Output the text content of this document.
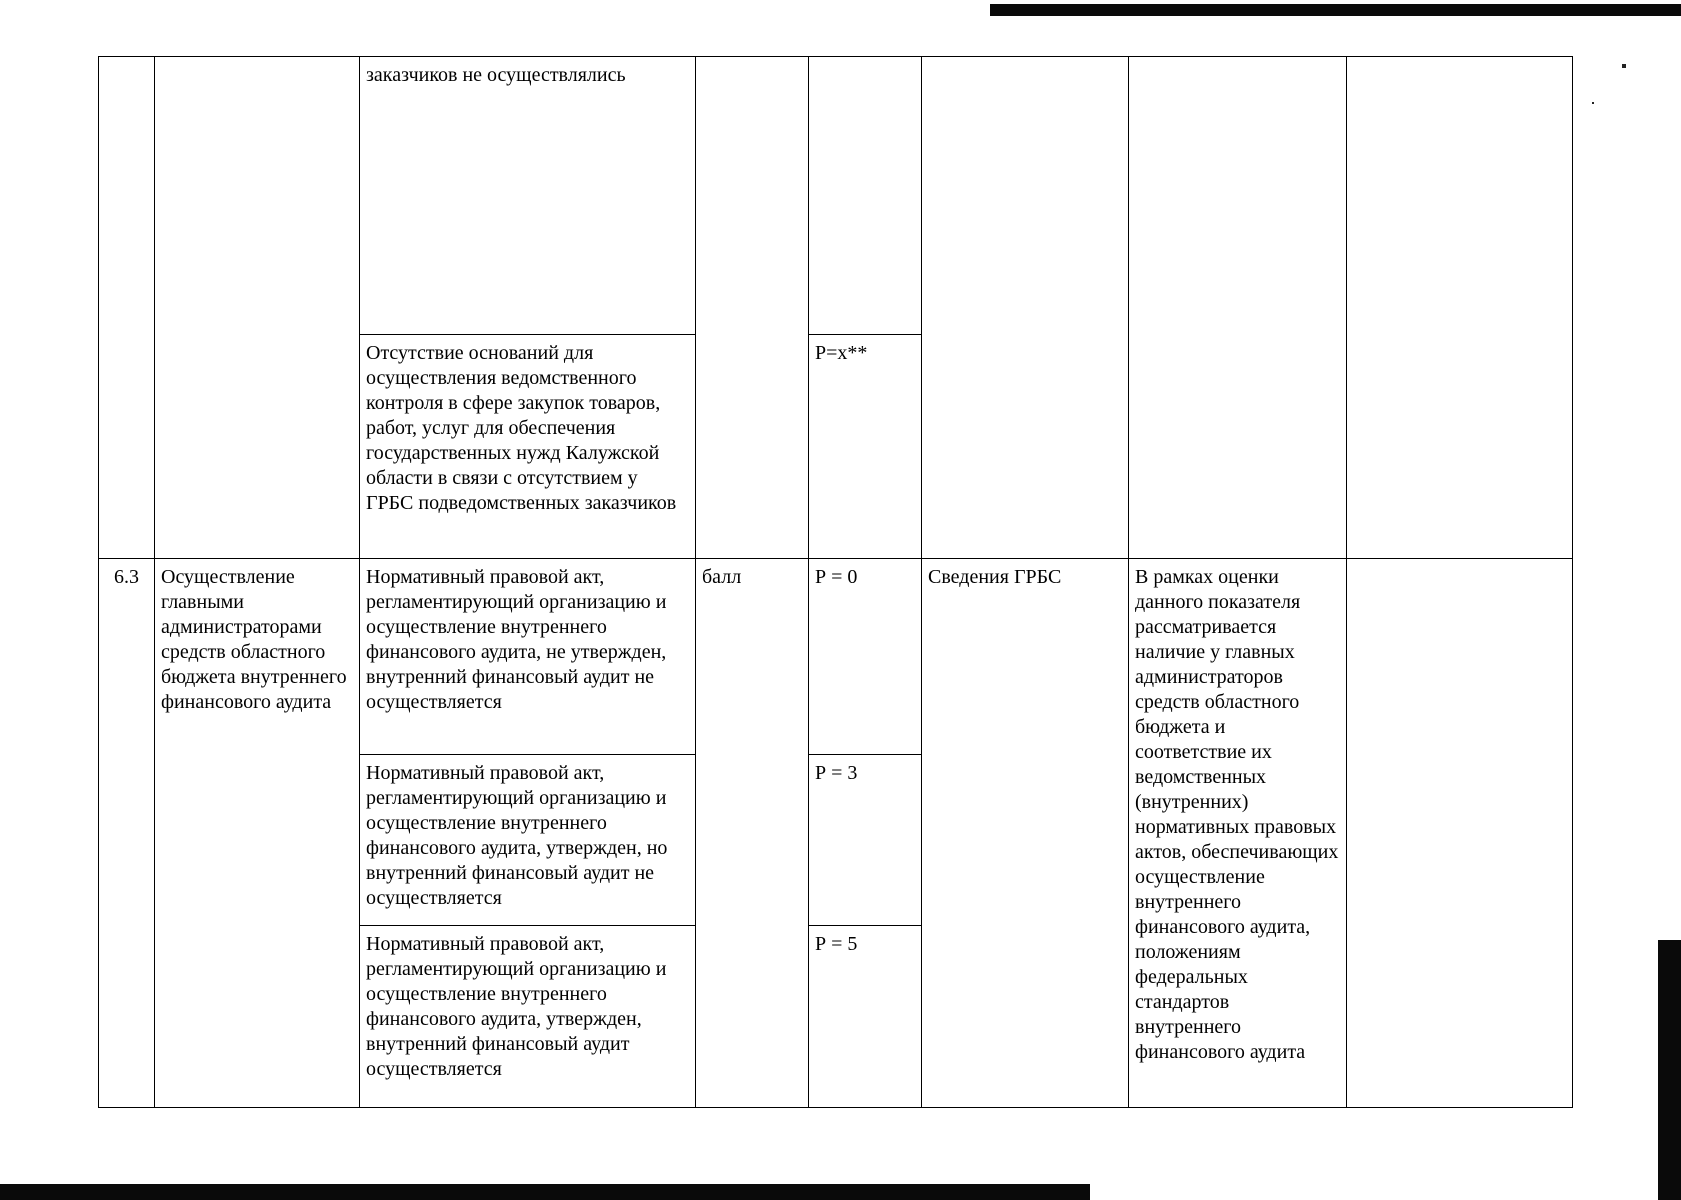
		заказчиков не осуществлялись					
		Отсутствие оснований для осуществления ведомственного контроля в сфере закупок товаров, работ, услуг для обеспечения государственных нужд Калужской области в связи с отсутствием у ГРБС подведомственных заказчиков		Р=х**			
6.3	Осуществление главными администраторами средств областного бюджета внутреннего финансового аудита	Нормативный правовой акт, регламентирующий организацию и осуществление внутреннего финансового аудита, не утвержден, внутренний финансовый аудит не осуществляется	балл	Р = 0	Сведения ГРБС	В рамках оценки данного показателя рассматривается наличие у главных администраторов средств областного бюджета и соответствие их ведомственных (внутренних) нормативных правовых актов, обеспечивающих осуществление внутреннего финансового аудита, положениям федеральных стандартов внутреннего финансового аудита	
		Нормативный правовой акт, регламентирующий организацию и осуществление внутреннего финансового аудита, утвержден, но внутренний финансовый аудит не осуществляется		Р = 3			
		Нормативный правовой акт, регламентирующий организацию и осуществление внутреннего финансового аудита, утвержден, внутренний финансовый аудит осуществляется		Р = 5			
